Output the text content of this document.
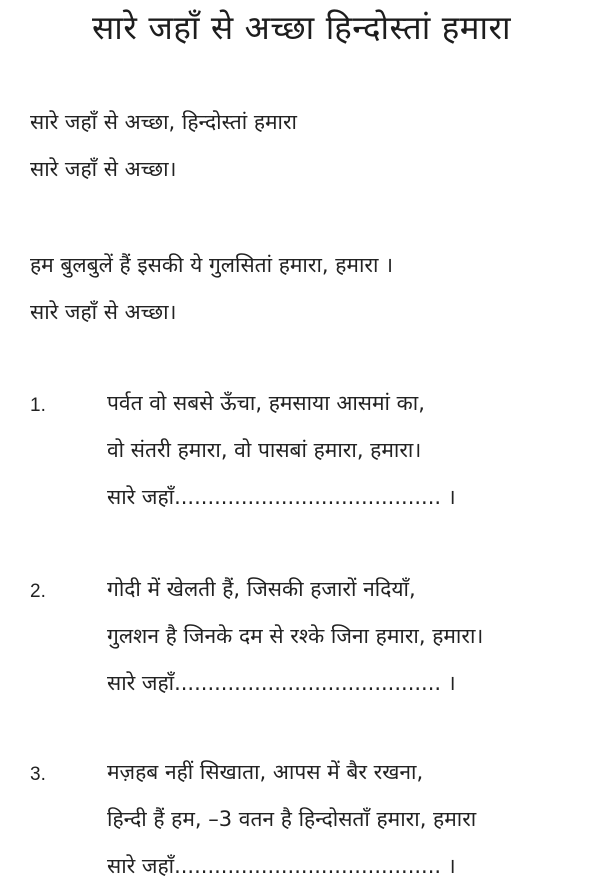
सारे जहाँ से अच्छा हिन्दोस्तां हमारा
सारे जहाँ से अच्छा, हिन्दोस्तां हमारा
सारे जहाँ से अच्छा।
हम बुलबुलें हैं इसकी ये गुलसितां हमारा, हमारा ।
सारे जहाँ से अच्छा।
1.	पर्वत वो सबसे ऊँचा, हमसाया आसमां का,
वो संतरी हमारा, वो पासबां हमारा, हमारा।
सारे जहाँ........................................ ।
2.	गोदी में खेलती हैं, जिसकी हजारों नदियाँ,
गुलशन है जिनके दम से रश्के जिना हमारा, हमारा।
सारे जहाँ........................................ ।
3.	मज़हब नहीं सिखाता, आपस में बैर रखना,
हिन्दी हैं हम, –3 वतन है हिन्दोसताँ हमारा, हमारा
सारे जहाँ........................................ ।
